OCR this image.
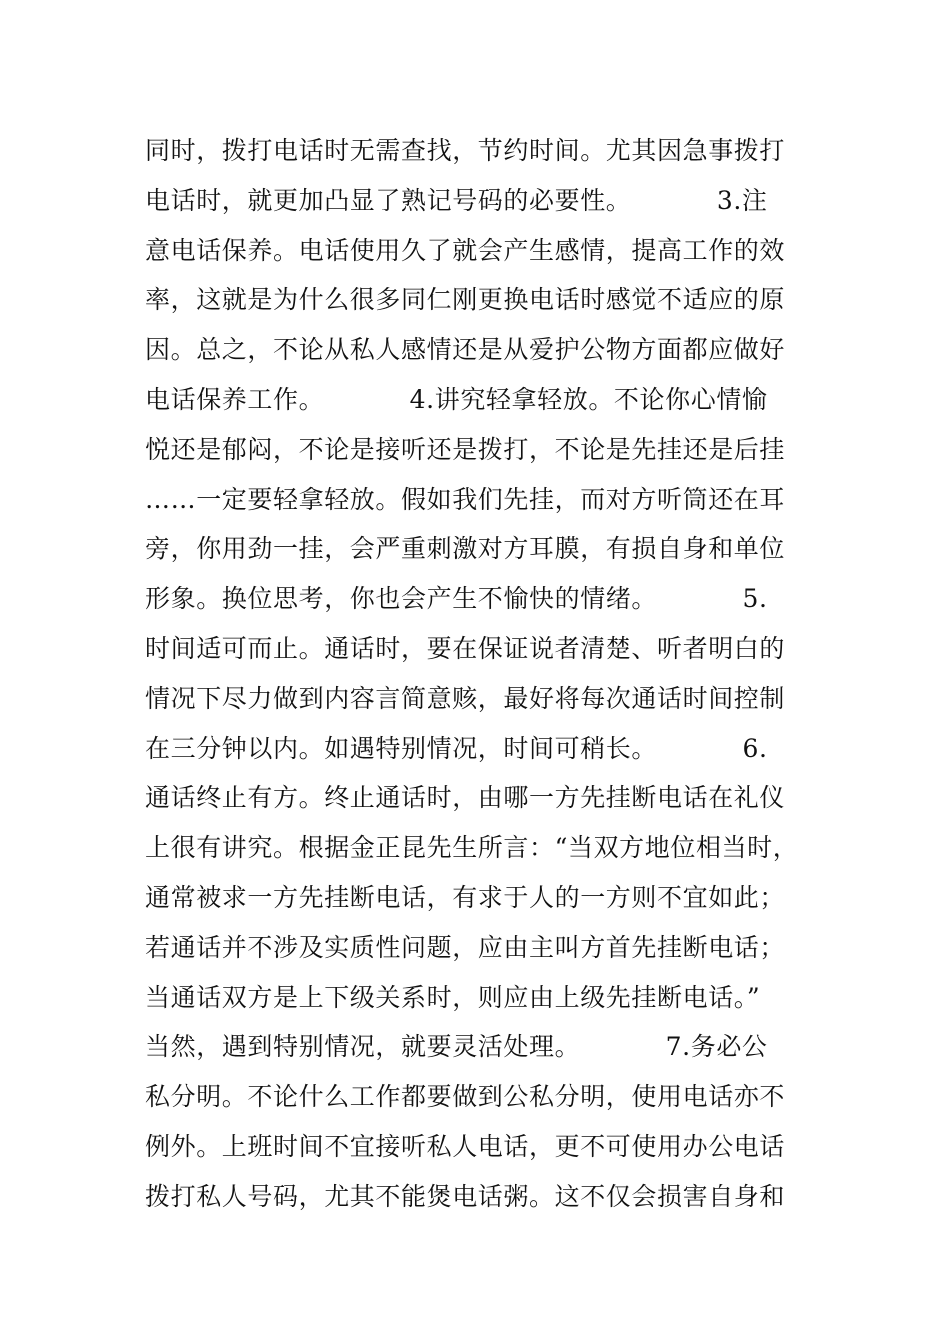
同时，拨打电话时无需查找，节约时间。尤其因急事拨打
电话时，就更加凸显了熟记号码的必要性。          3.注
意电话保养。电话使用久了就会产生感情，提高工作的效
率，这就是为什么很多同仁刚更换电话时感觉不适应的原
因。总之，不论从私人感情还是从爱护公物方面都应做好
电话保养工作。          4.讲究轻拿轻放。不论你心情愉
悦还是郁闷，不论是接听还是拨打，不论是先挂还是后挂
……一定要轻拿轻放。假如我们先挂，而对方听筒还在耳
旁，你用劲一挂，会严重刺激对方耳膜，有损自身和单位
形象。换位思考，你也会产生不愉快的情绪。          5.
时间适可而止。通话时，要在保证说者清楚、听者明白的
情况下尽力做到内容言简意赅，最好将每次通话时间控制
在三分钟以内。如遇特别情况，时间可稍长。          6.
通话终止有方。终止通话时，由哪一方先挂断电话在礼仪
上很有讲究。根据金正昆先生所言：“当双方地位相当时，
通常被求一方先挂断电话，有求于人的一方则不宜如此；
若通话并不涉及实质性问题，应由主叫方首先挂断电话；
当通话双方是上下级关系时，则应由上级先挂断电话。”
当然，遇到特别情况，就要灵活处理。          7.务必公
私分明。不论什么工作都要做到公私分明，使用电话亦不
例外。上班时间不宜接听私人电话，更不可使用办公电话
拨打私人号码，尤其不能煲电话粥。这不仅会损害自身和
